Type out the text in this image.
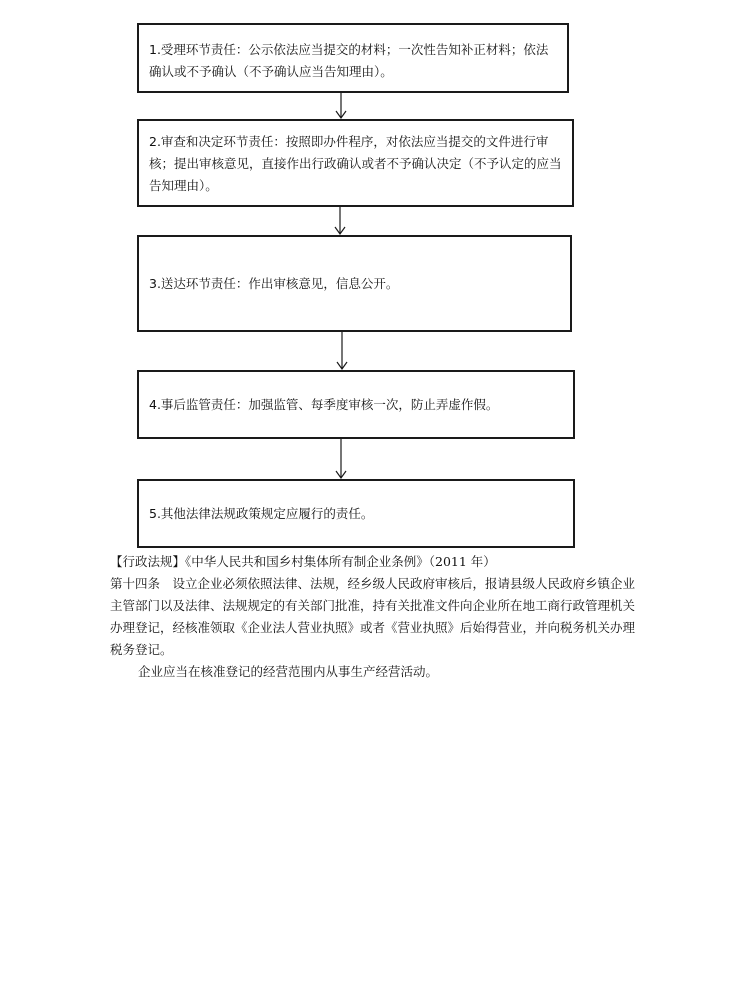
1.受理环节责任：公示依法应当提交的材料；一次性告知补正材料；依法确认或不予确认（不予确认应当告知理由）。
2.审查和决定环节责任：按照即办件程序，对依法应当提交的文件进行审核；提出审核意见，直接作出行政确认或者不予确认决定（不予认定的应当告知理由）。
3.送达环节责任：作出审核意见，信息公开。
4.事后监管责任：加强监管、每季度审核一次，防止弄虚作假。
5.其他法律法规政策规定应履行的责任。

【行政法规】《中华人民共和国乡村集体所有制企业条例》（2011 年）

第十四条　设立企业必须依照法律、法规，经乡级人民政府审核后，报请县级人民政府乡镇企业主管部门以及法律、法规规定的有关部门批准，持有关批准文件向企业所在地工商行政管理机关办理登记，经核准领取《企业法人营业执照》或者《营业执照》后始得营业，并向税务机关办理税务登记。

企业应当在核准登记的经营范围内从事生产经营活动。
